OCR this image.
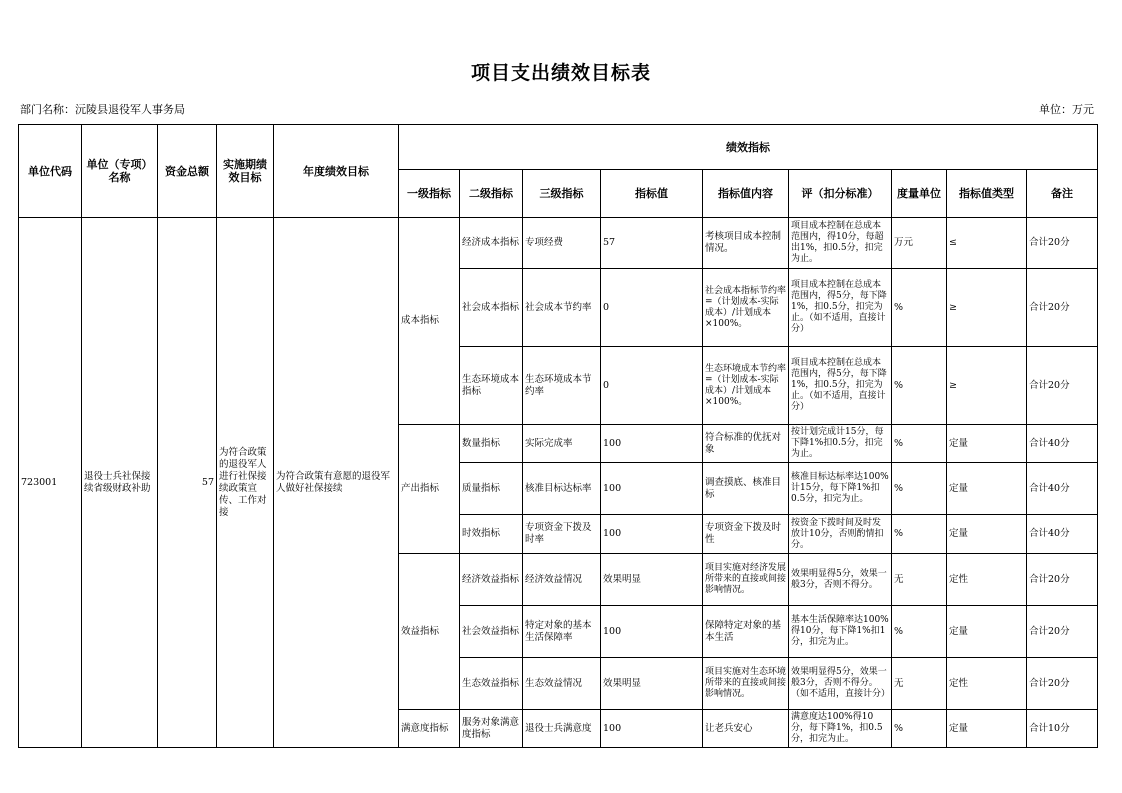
项目支出绩效目标表
部门名称：沅陵县退役军人事务局	单位：万元
单位代码	单位（专项）名称	资金总额	实施期绩效目标	年度绩效目标	绩效指标								
					一级指标	二级指标	三级指标	指标值	指标值内容	评（扣分标准）	度量单位	指标值类型	备注
723001	退役士兵社保接续省级财政补助	57	为符合政策的退役军人进行社保接续政策宣传、工作对接	为符合政策有意愿的退役军人做好社保接续	成本指标	经济成本指标	专项经费	57	考核项目成本控制情况。	项目成本控制在总成本范围内，得10分，每超出1%，扣0.5分，扣完为止。	万元	≤	合计20分
						社会成本指标	社会成本节约率	0	社会成本指标节约率=（计划成本-实际成本）/计划成本×100%。	项目成本控制在总成本范围内，得5分，每下降1%，扣0.5分，扣完为止。（如不适用，直接计分）	%	≥	合计20分
						生态环境成本指标	生态环境成本节约率	0	生态环境成本节约率=（计划成本-实际成本）/计划成本×100%。	项目成本控制在总成本范围内，得5分，每下降1%，扣0.5分，扣完为止。（如不适用，直接计分）	%	≥	合计20分
					产出指标	数量指标	实际完成率	100	符合标准的优抚对象	按计划完成计15分，每下降1%扣0.5分，扣完为止。	%	定量	合计40分
						质量指标	核准目标达标率	100	调查摸底、核准目标	核准目标达标率达100%计15分，每下降1%扣0.5分，扣完为止。	%	定量	合计40分
						时效指标	专项资金下拨及时率	100	专项资金下拨及时性	按资金下拨时间及时发放计10分，否则酌情扣分。	%	定量	合计40分
					效益指标	经济效益指标	经济效益情况	效果明显	项目实施对经济发展所带来的直接或间接影响情况。	效果明显得5分，效果一般3分，否则不得分。	无	定性	合计20分
						社会效益指标	特定对象的基本生活保障率	100	保障特定对象的基本生活	基本生活保障率达100%得10分，每下降1%扣1分，扣完为止。	%	定量	合计20分
						生态效益指标	生态效益情况	效果明显	项目实施对生态环境所带来的直接或间接影响情况。	效果明显得5分，效果一般3分，否则不得分。（如不适用，直接计分）	无	定性	合计20分
					满意度指标	服务对象满意度指标	退役士兵满意度	100	让老兵安心	满意度达100%得10分，每下降1%，扣0.5分，扣完为止。	%	定量	合计10分
